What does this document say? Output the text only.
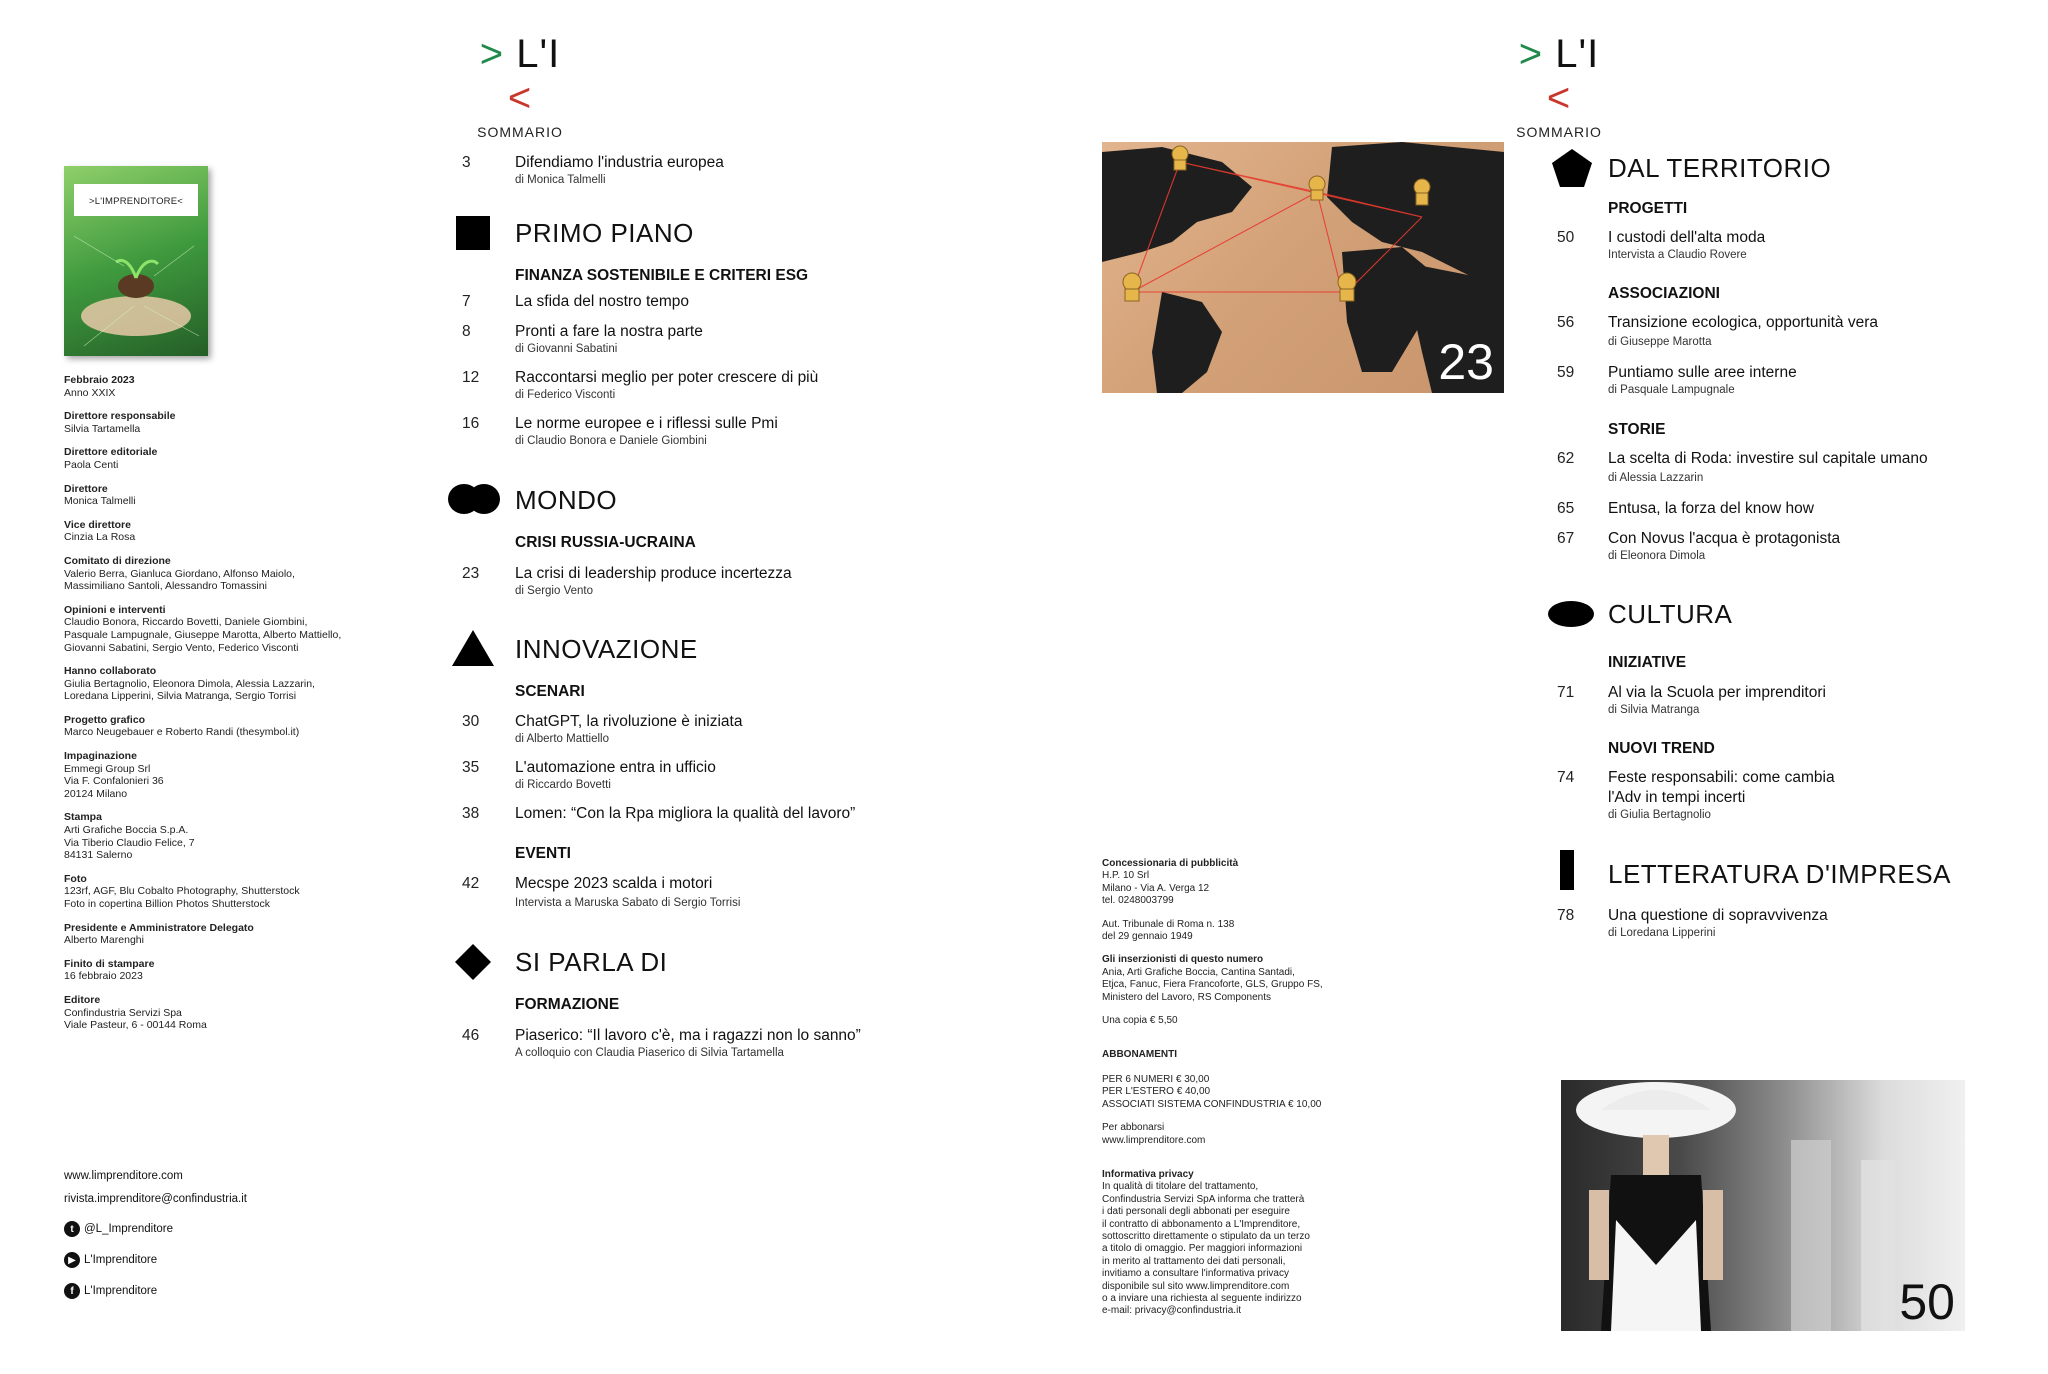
> L'I <
SOMMARIO
> L'I <
SOMMARIO
>L'IMPRENDITORE<
Febbraio 2023
Anno XXIX
Direttore responsabile
Silvia Tartamella
Direttore editoriale
Paola Centi
Direttore
Monica Talmelli
Vice direttore
Cinzia La Rosa
Comitato di direzione
Valerio Berra, Gianluca Giordano, Alfonso Maiolo,
Massimiliano Santoli, Alessandro Tomassini
Opinioni e interventi
Claudio Bonora, Riccardo Bovetti, Daniele Giombini,
Pasquale Lampugnale, Giuseppe Marotta, Alberto Mattiello,
Giovanni Sabatini, Sergio Vento, Federico Visconti
Hanno collaborato
Giulia Bertagnolio, Eleonora Dimola, Alessia Lazzarin,
Loredana Lipperini, Silvia Matranga, Sergio Torrisi
Progetto grafico
Marco Neugebauer e Roberto Randi (thesymbol.it)
Impaginazione
Emmegi Group Srl
Via F. Confalonieri 36
20124 Milano
Stampa
Arti Grafiche Boccia S.p.A.
Via Tiberio Claudio Felice, 7
84131 Salerno
Foto
123rf, AGF, Blu Cobalto Photography, Shutterstock
Foto in copertina Billion Photos Shutterstock
Presidente e Amministratore Delegato
Alberto Marenghi
Finito di stampare
16 febbraio 2023
Editore
Confindustria Servizi Spa
Viale Pasteur, 6 - 00144 Roma
www.limprenditore.com
rivista.imprenditore@confindustria.it
t @L_Imprenditore
▶ L'Imprenditore
f L'Imprenditore
3	Difendiamo l'industria europea
di Monica Talmelli
PRIMO PIANO
FINANZA SOSTENIBILE E CRITERI ESG
7	La sfida del nostro tempo
8	Pronti a fare la nostra parte
di Giovanni Sabatini
12	Raccontarsi meglio per poter crescere di più
di Federico Visconti
16	Le norme europee e i riflessi sulle Pmi
di Claudio Bonora e Daniele Giombini
MONDO
CRISI RUSSIA-UCRAINA
23	La crisi di leadership produce incertezza
di Sergio Vento
INNOVAZIONE
SCENARI
30	ChatGPT, la rivoluzione è iniziata
di Alberto Mattiello
35	L'automazione entra in ufficio
di Riccardo Bovetti
38	Lomen: “Con la Rpa migliora la qualità del lavoro”
EVENTI
42	Mecspe 2023 scalda i motori
Intervista a Maruska Sabato di Sergio Torrisi
SI PARLA DI
FORMAZIONE
46	Piaserico: “Il lavoro c'è, ma i ragazzi non lo sanno”
A colloquio con Claudia Piaserico di Silvia Tartamella
23
Concessionaria di pubblicità
H.P. 10 Srl
Milano - Via A. Verga 12
tel. 0248003799
Aut. Tribunale di Roma n. 138
del 29 gennaio 1949
Gli inserzionisti di questo numero
Ania, Arti Grafiche Boccia, Cantina Santadi,
Etjca, Fanuc, Fiera Francoforte, GLS, Gruppo FS,
Ministero del Lavoro, RS Components
Una copia € 5,50
ABBONAMENTI
PER 6 NUMERI € 30,00
PER L'ESTERO € 40,00
ASSOCIATI SISTEMA CONFINDUSTRIA € 10,00
Per abbonarsi
www.limprenditore.com
Informativa privacy
In qualità di titolare del trattamento,
Confindustria Servizi SpA informa che tratterà
i dati personali degli abbonati per eseguire
il contratto di abbonamento a L'Imprenditore,
sottoscritto direttamente o stipulato da un terzo
a titolo di omaggio. Per maggiori informazioni
in merito al trattamento dei dati personali,
invitiamo a consultare l'informativa privacy
disponibile sul sito www.limprenditore.com
o a inviare una richiesta al seguente indirizzo
e-mail: privacy@confindustria.it
DAL TERRITORIO
PROGETTI
50	I custodi dell'alta moda
Intervista a Claudio Rovere
ASSOCIAZIONI
56	Transizione ecologica, opportunità vera
di Giuseppe Marotta
59	Puntiamo sulle aree interne
di Pasquale Lampugnale
STORIE
62	La scelta di Roda: investire sul capitale umano
di Alessia Lazzarin
65	Entusa, la forza del know how
67	Con Novus l'acqua è protagonista
di Eleonora Dimola
CULTURA
INIZIATIVE
71	Al via la Scuola per imprenditori
di Silvia Matranga
NUOVI TREND
74	Feste responsabili: come cambia
l'Adv in tempi incerti
di Giulia Bertagnolio
LETTERATURA D'IMPRESA
78	Una questione di sopravvivenza
di Loredana Lipperini
50
